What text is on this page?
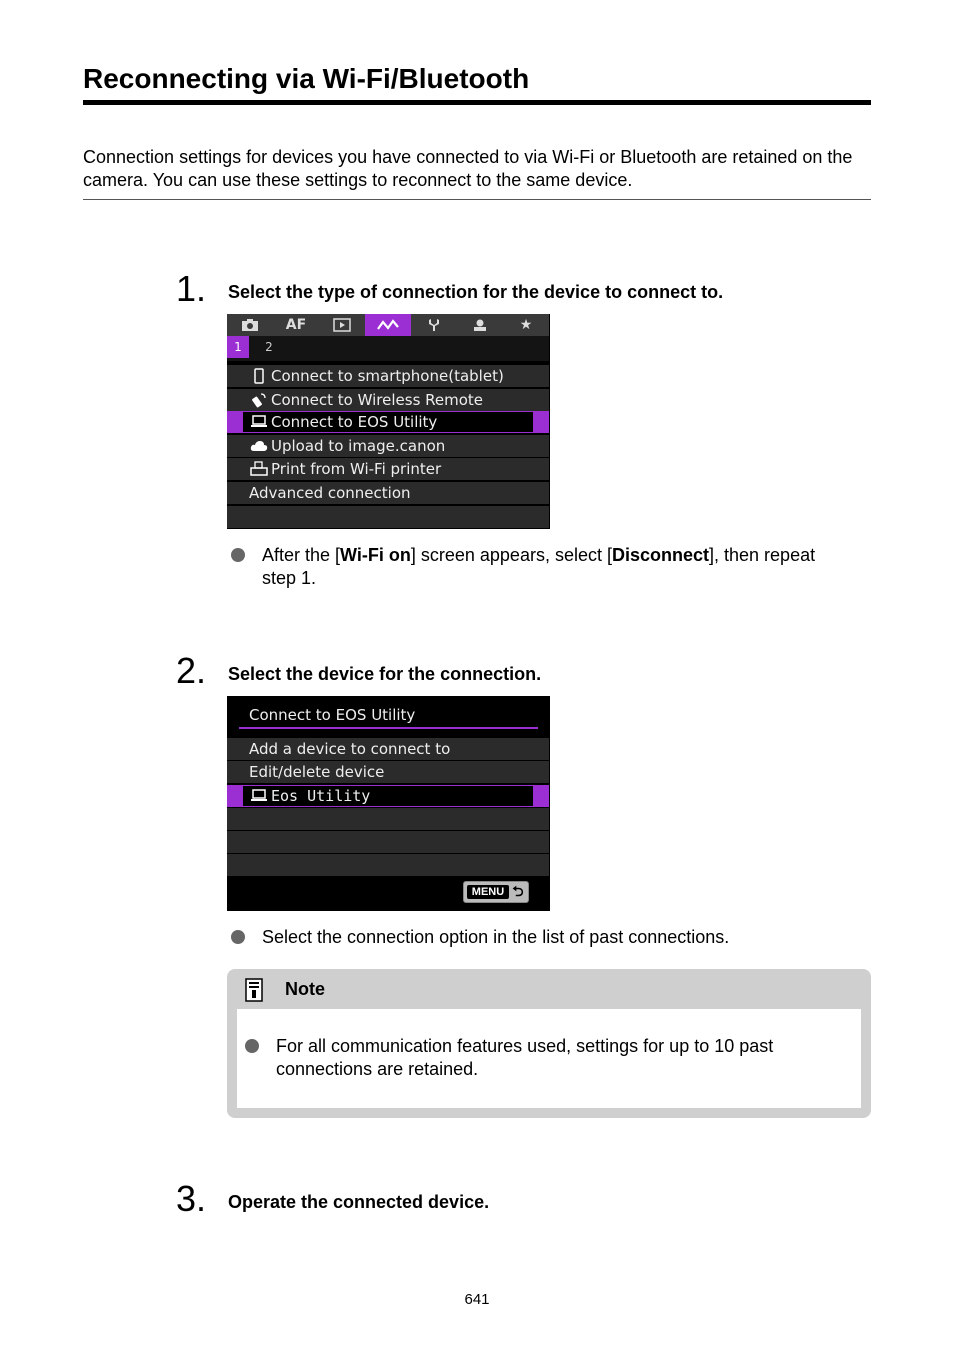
Reconnecting via Wi-Fi/Bluetooth
Connection settings for devices you have connected to via Wi-Fi or Bluetooth are retained on the camera. You can use these settings to reconnect to the same device.
1. Select the type of connection for the device to connect to.
AF	★
1	2
Connect to smartphone(tablet)
Connect to Wireless Remote
Connect to EOS Utility
Upload to image.canon
Print from Wi-Fi printer
Advanced connection
After the [Wi-Fi on] screen appears, select [Disconnect], then repeat
step 1.
2. Select the device for the connection.
Connect to EOS Utility
Add a device to connect to
Edit/delete device
Eos Utility
MENU ⮌
Select the connection option in the list of past connections.
Note
For all communication features used, settings for up to 10 past
connections are retained.
3. Operate the connected device.
641
